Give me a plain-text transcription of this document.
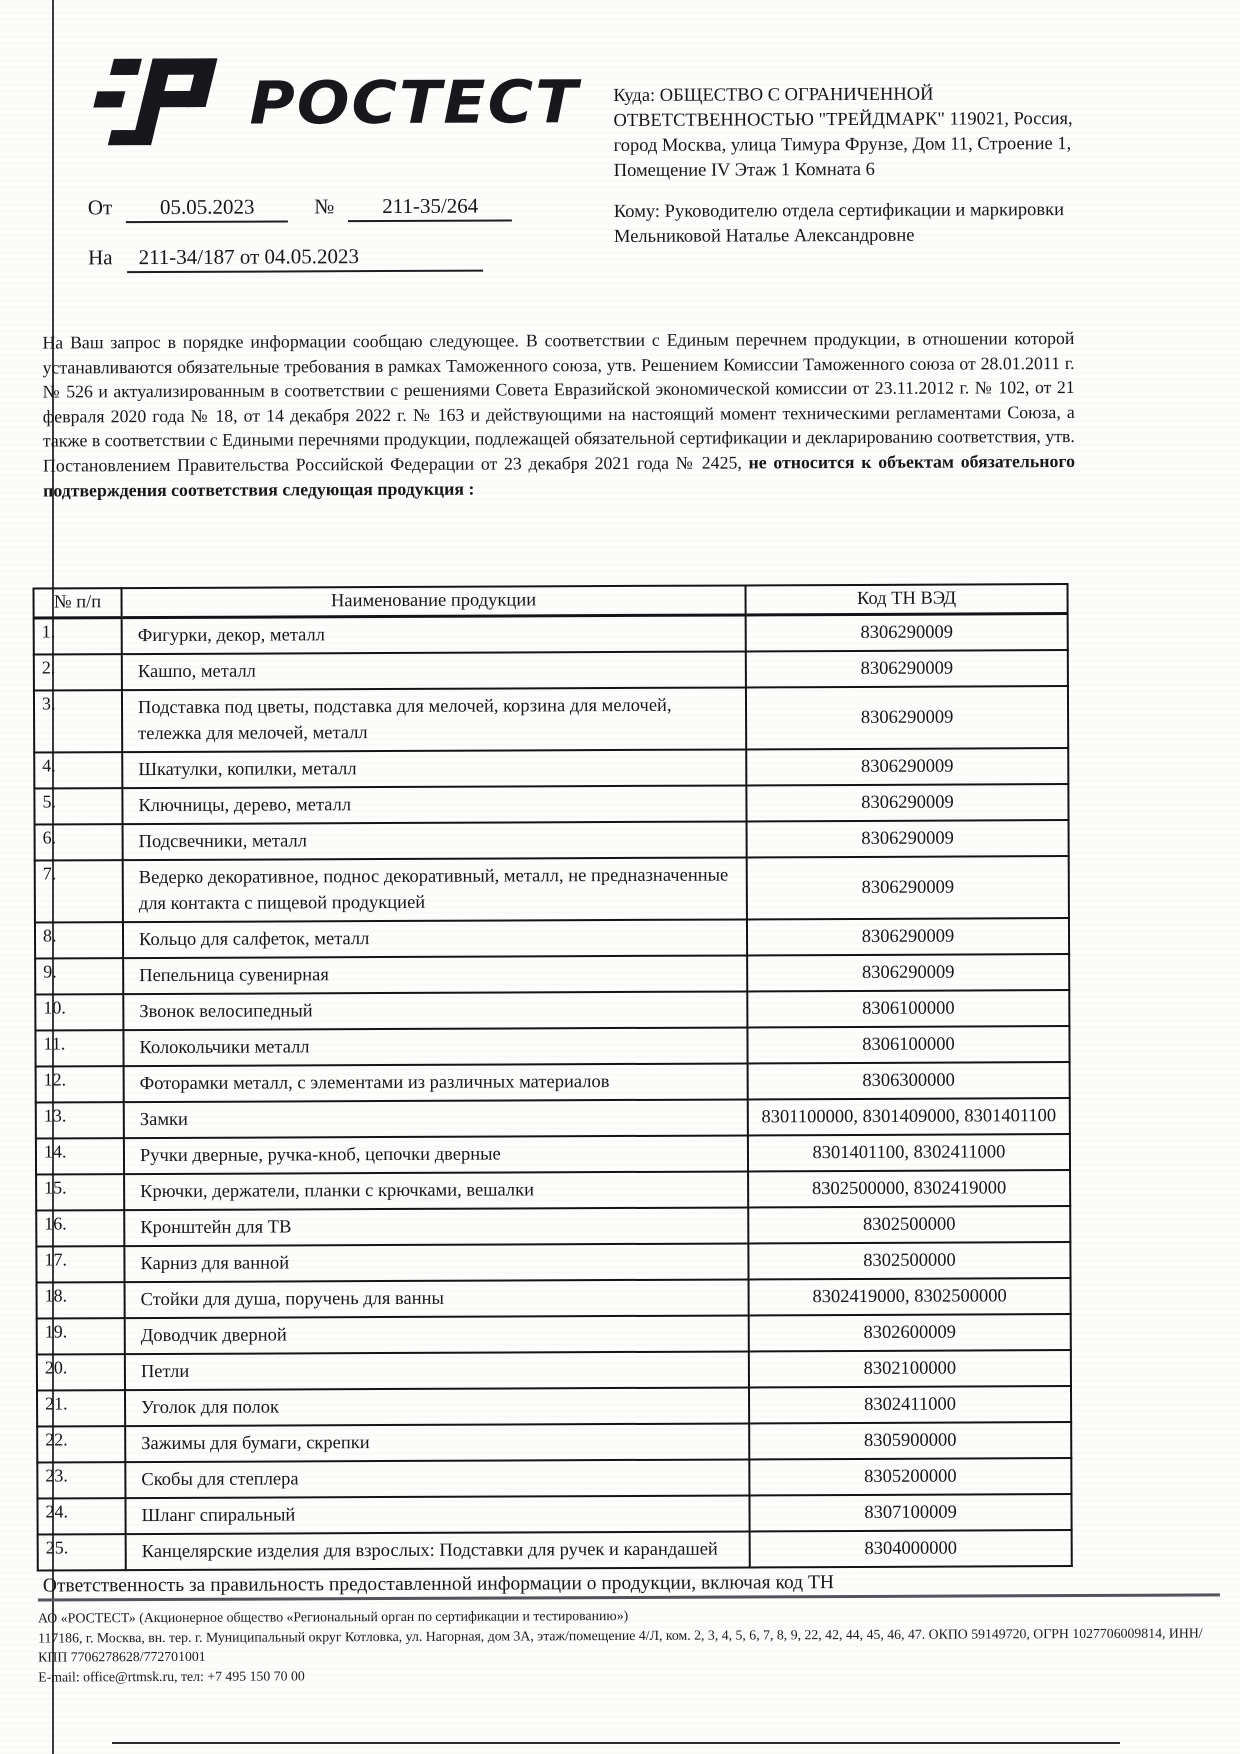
РОСТЕСТ
От	05.05.2023	№	211-35/264
На	211-34/187 от 04.05.2023

Куда: ОБЩЕСТВО С ОГРАНИЧЕННОЙ ОТВЕТСТВЕННОСТЬЮ "ТРЕЙДМАРК" 119021, Россия, город Москва, улица Тимура Фрунзе, Дом 11, Строение 1, Помещение IV Этаж 1 Комната 6

Кому: Руководителю отдела сертификации и маркировки

Мельниковой Наталье Александровне

На Ваш запрос в порядке информации сообщаю следующее. В соответствии с Единым перечнем продукции, в отношении которой устанавливаются обязательные требования в рамках Таможенного союза, утв. Решением Комиссии Таможенного союза от 28.01.2011 г. № 526 и актуализированным в соответствии с решениями Совета Евразийской экономической комиссии от 23.11.2012 г. № 102, от 21 февраля 2020 года № 18, от 14 декабря 2022 г. № 163 и действующими на настоящий момент техническими регламентами Союза, а также в соответствии с Едиными перечнями продукции, подлежащей обязательной сертификации и декларированию соответствия, утв. Постановлением Правительства Российской Федерации от 23 декабря 2021 года № 2425, не относится к объектам обязательного подтверждения соответствия следующая продукция :

№ п/п	Наименование продукции	Код ТН ВЭД
1.	Фигурки, декор, металл	8306290009
2.	Кашпо, металл	8306290009
3.	Подставка под цветы, подставка для мелочей, корзина для мелочей, тележка для мелочей, металл	8306290009
4.	Шкатулки, копилки, металл	8306290009
5.	Ключницы, дерево, металл	8306290009
6.	Подсвечники, металл	8306290009
7.	Ведерко декоративное, поднос декоративный, металл, не предназначенные для контакта с пищевой продукцией	8306290009
8.	Кольцо для салфеток, металл	8306290009
9.	Пепельница сувенирная	8306290009
10.	Звонок велосипедный	8306100000
11.	Колокольчики металл	8306100000
12.	Фоторамки металл, с элементами из различных материалов	8306300000
13.	Замки	8301100000, 8301409000, 8301401100
14.	Ручки дверные, ручка-кноб, цепочки дверные	8301401100, 8302411000
15.	Крючки, держатели, планки с крючками, вешалки	8302500000, 8302419000
16.	Кронштейн для ТВ	8302500000
17.	Карниз для ванной	8302500000
18.	Стойки для душа, поручень для ванны	8302419000, 8302500000
19.	Доводчик дверной	8302600009
20.	Петли	8302100000
21.	Уголок для полок	8302411000
22.	Зажимы для бумаги, скрепки	8305900000
23.	Скобы для степлера	8305200000
24.	Шланг спиральный	8307100009
25.	Канцелярские изделия для взрослых: Подставки для ручек и карандашей	8304000000

Ответственность за правильность предоставленной информации о продукции, включая код ТН

АО «РОСТЕСТ» (Акционерное общество «Региональный орган по сертификации и тестированию»)

117186, г. Москва, вн. тер. г. Муниципальный округ Котловка, ул. Нагорная, дом 3А, этаж/помещение 4/Л, ком. 2, 3, 4, 5, 6, 7, 8, 9, 22, 42, 44, 45, 46, 47. ОКПО 59149720, ОГРН 1027706009814, ИНН/КПП 7706278628/772701001

E-mail: office@rtmsk.ru, тел: +7 495 150 70 00
